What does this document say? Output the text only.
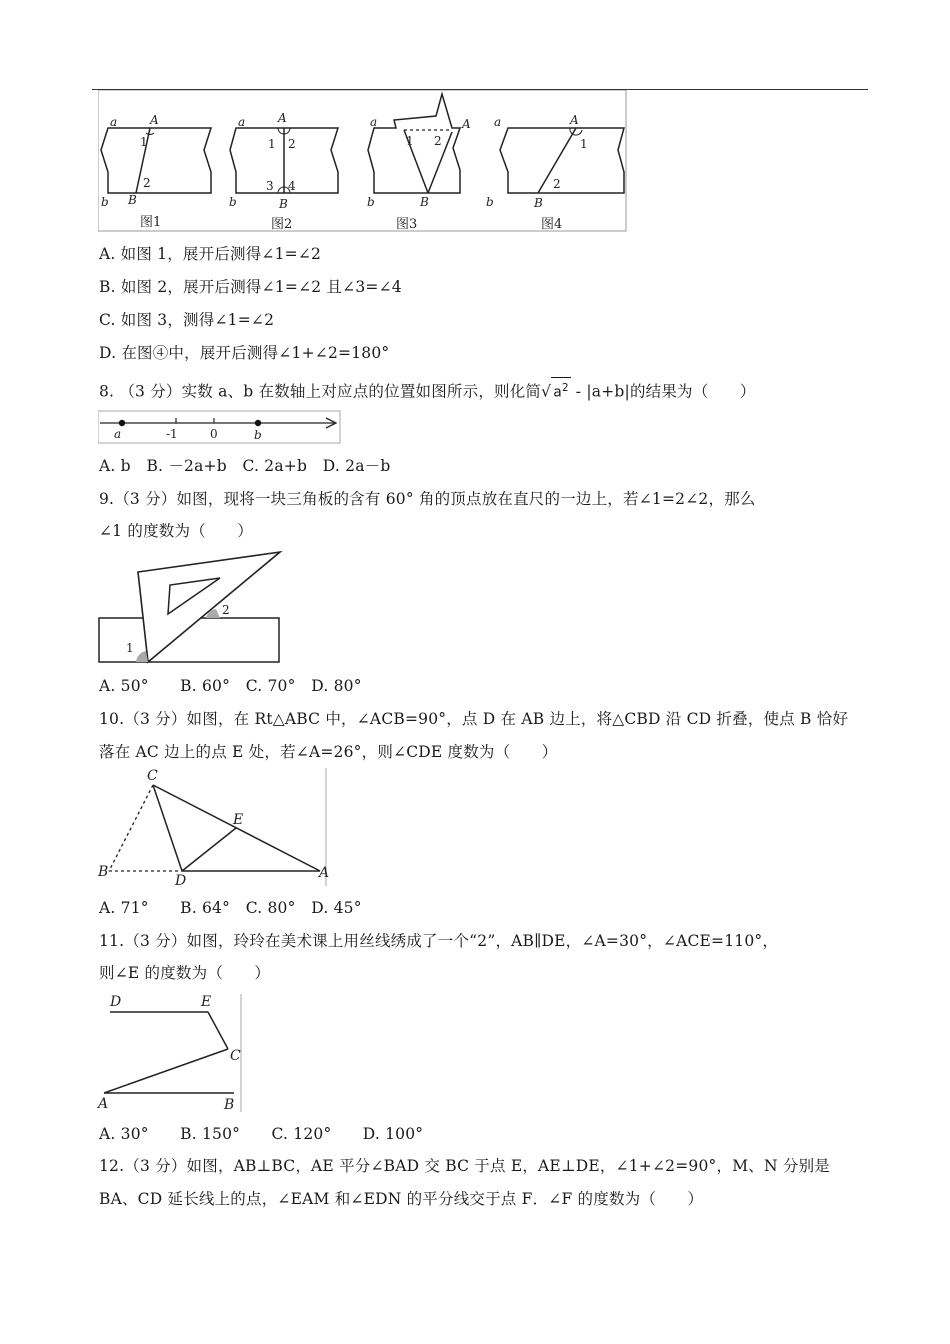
a	A
1
2
b B
图1
a	A
1 2
3 4
b	B
图2
a	A
1 2
b	B
图3
a	A
1
2
b	B
图4
A. 如图 1，展开后测得∠1=∠2
B. 如图 2，展开后测得∠1=∠2 且∠3=∠4
C. 如图 3，测得∠1=∠2
D. 在图④中，展开后测得∠1+∠2=180°
8. （3 分）实数 a、b 在数轴上对应点的位置如图所示，则化简√ $a^2 - |a+b|$的结果为（　　）
a	-1	0	b
A. b　B. －2a+b　C. 2a+b　D. 2a－b
9.（3 分）如图，现将一块三角板的含有 60° 角的顶点放在直尺的一边上，若∠1=2∠2，那么
∠1 的度数为（　　）
1
2
A. 50°　　B. 60°　C. 70°　D. 80°
10.（3 分）如图，在 Rt△ABC 中，∠ACB=90°，点 D 在 AB 边上，将△CBD 沿 CD 折叠，使点 B 恰好
落在 AC 边上的点 E 处，若∠A=26°，则∠CDE 度数为（　　）
C
E
B
D	A
A. 71°　　B. 64°　C. 80°　D. 45°
11.（3 分）如图，玲玲在美术课上用丝线绣成了一个“2”，AB∥DE，∠A=30°，∠ACE=110°，
则∠E 的度数为（　　）
D	E
C
A	B
A. 30°　　B. 150°　　C. 120°　　D. 100°
12.（3 分）如图，AB⊥BC，AE 平分∠BAD 交 BC 于点 E，AE⊥DE，∠1+∠2=90°，M、N 分别是
BA、CD 延长线上的点，∠EAM 和∠EDN 的平分线交于点 F．∠F 的度数为（　　）
